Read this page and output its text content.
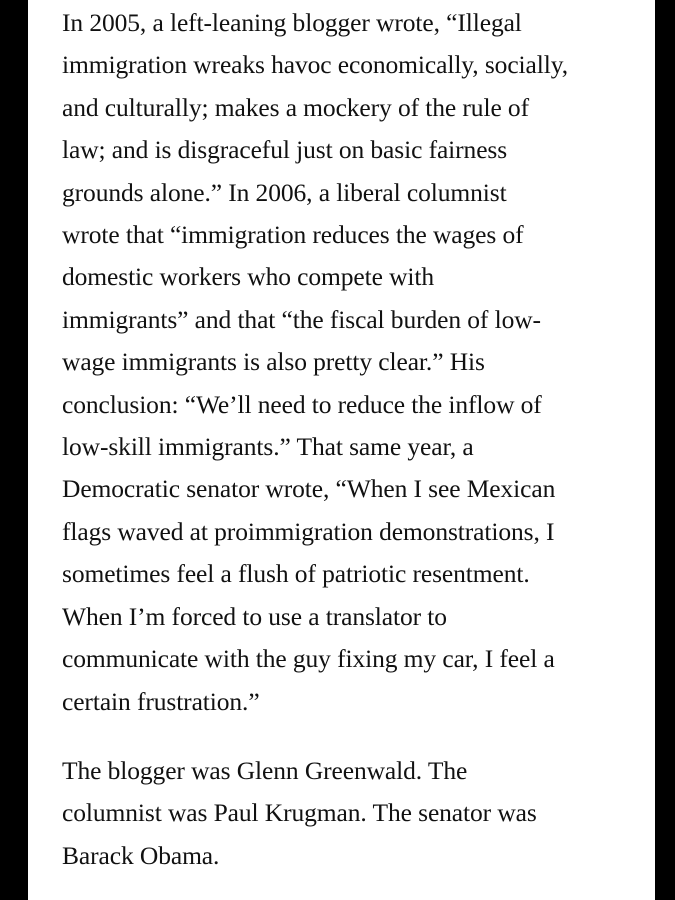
In 2005, a left-leaning blogger wrote, “Illegal
immigration wreaks havoc economically, socially,
and culturally; makes a mockery of the rule of
law; and is disgraceful just on basic fairness
grounds alone.” In 2006, a liberal columnist
wrote that “immigration reduces the wages of
domestic workers who compete with
immigrants” and that “the fiscal burden of low-
wage immigrants is also pretty clear.” His
conclusion: “We’ll need to reduce the inflow of
low-skill immigrants.” That same year, a
Democratic senator wrote, “When I see Mexican
flags waved at proimmigration demonstrations, I
sometimes feel a flush of patriotic resentment.
When I’m forced to use a translator to
communicate with the guy fixing my car, I feel a
certain frustration.”
The blogger was Glenn Greenwald. The
columnist was Paul Krugman. The senator was
Barack Obama.
